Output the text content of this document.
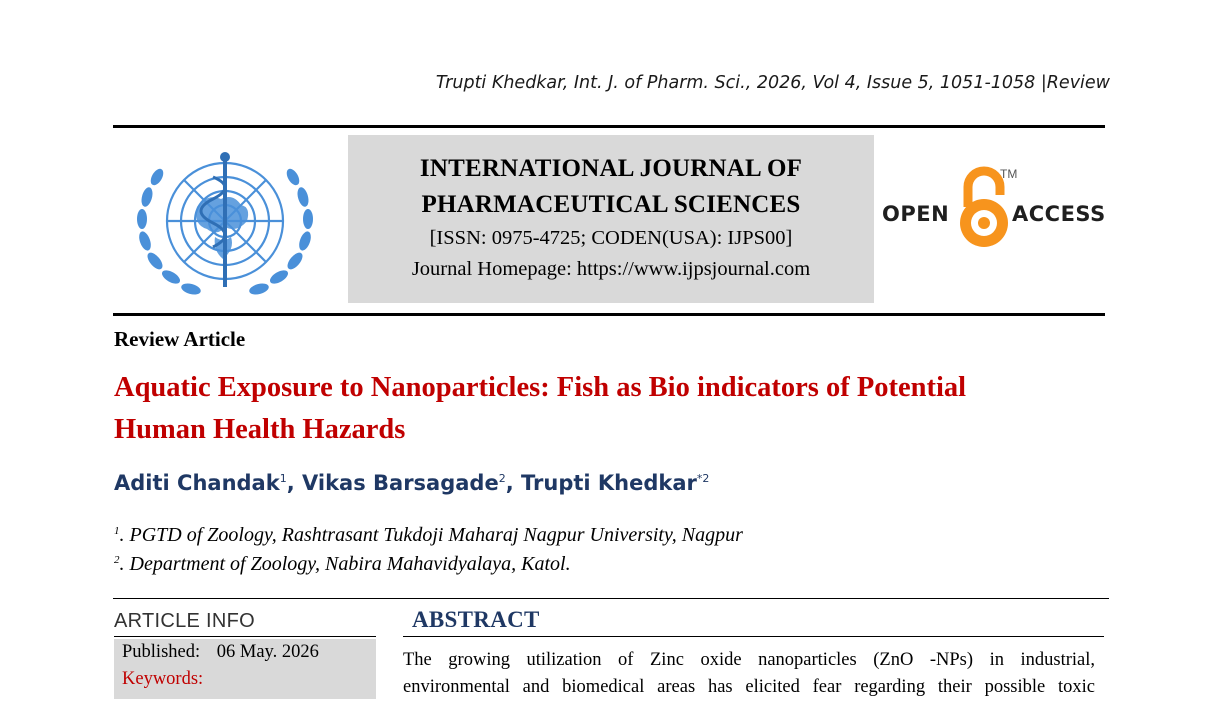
Trupti Khedkar, Int. J. of Pharm. Sci., 2026, Vol 4, Issue 5, 1051-1058 |Review
INTERNATIONAL JOURNAL OF
PHARMACEUTICAL SCIENCES
[ISSN: 0975-4725; CODEN(USA): IJPS00]
Journal Homepage: https://www.ijpsjournal.com
OPEN
TM
ACCESS
Review Article
Aquatic Exposure to Nanoparticles: Fish as Bio indicators of Potential
Human Health Hazards
Aditi Chandak$^1$, Vikas Barsagade$^2$, Trupti Khedkar$^{*2}$
$^1$. PGTD of Zoology, Rashtrasant Tukdoji Maharaj Nagpur University, Nagpur
$^2$. Department of Zoology, Nabira Mahavidyalaya, Katol.
ARTICLE INFO
Published: 06 May. 2026
Keywords:
ABSTRACT
The growing utilization of Zinc oxide nanoparticles (ZnO -NPs) in industrial,
environmental and biomedical areas has elicited fear regarding their possible toxic
